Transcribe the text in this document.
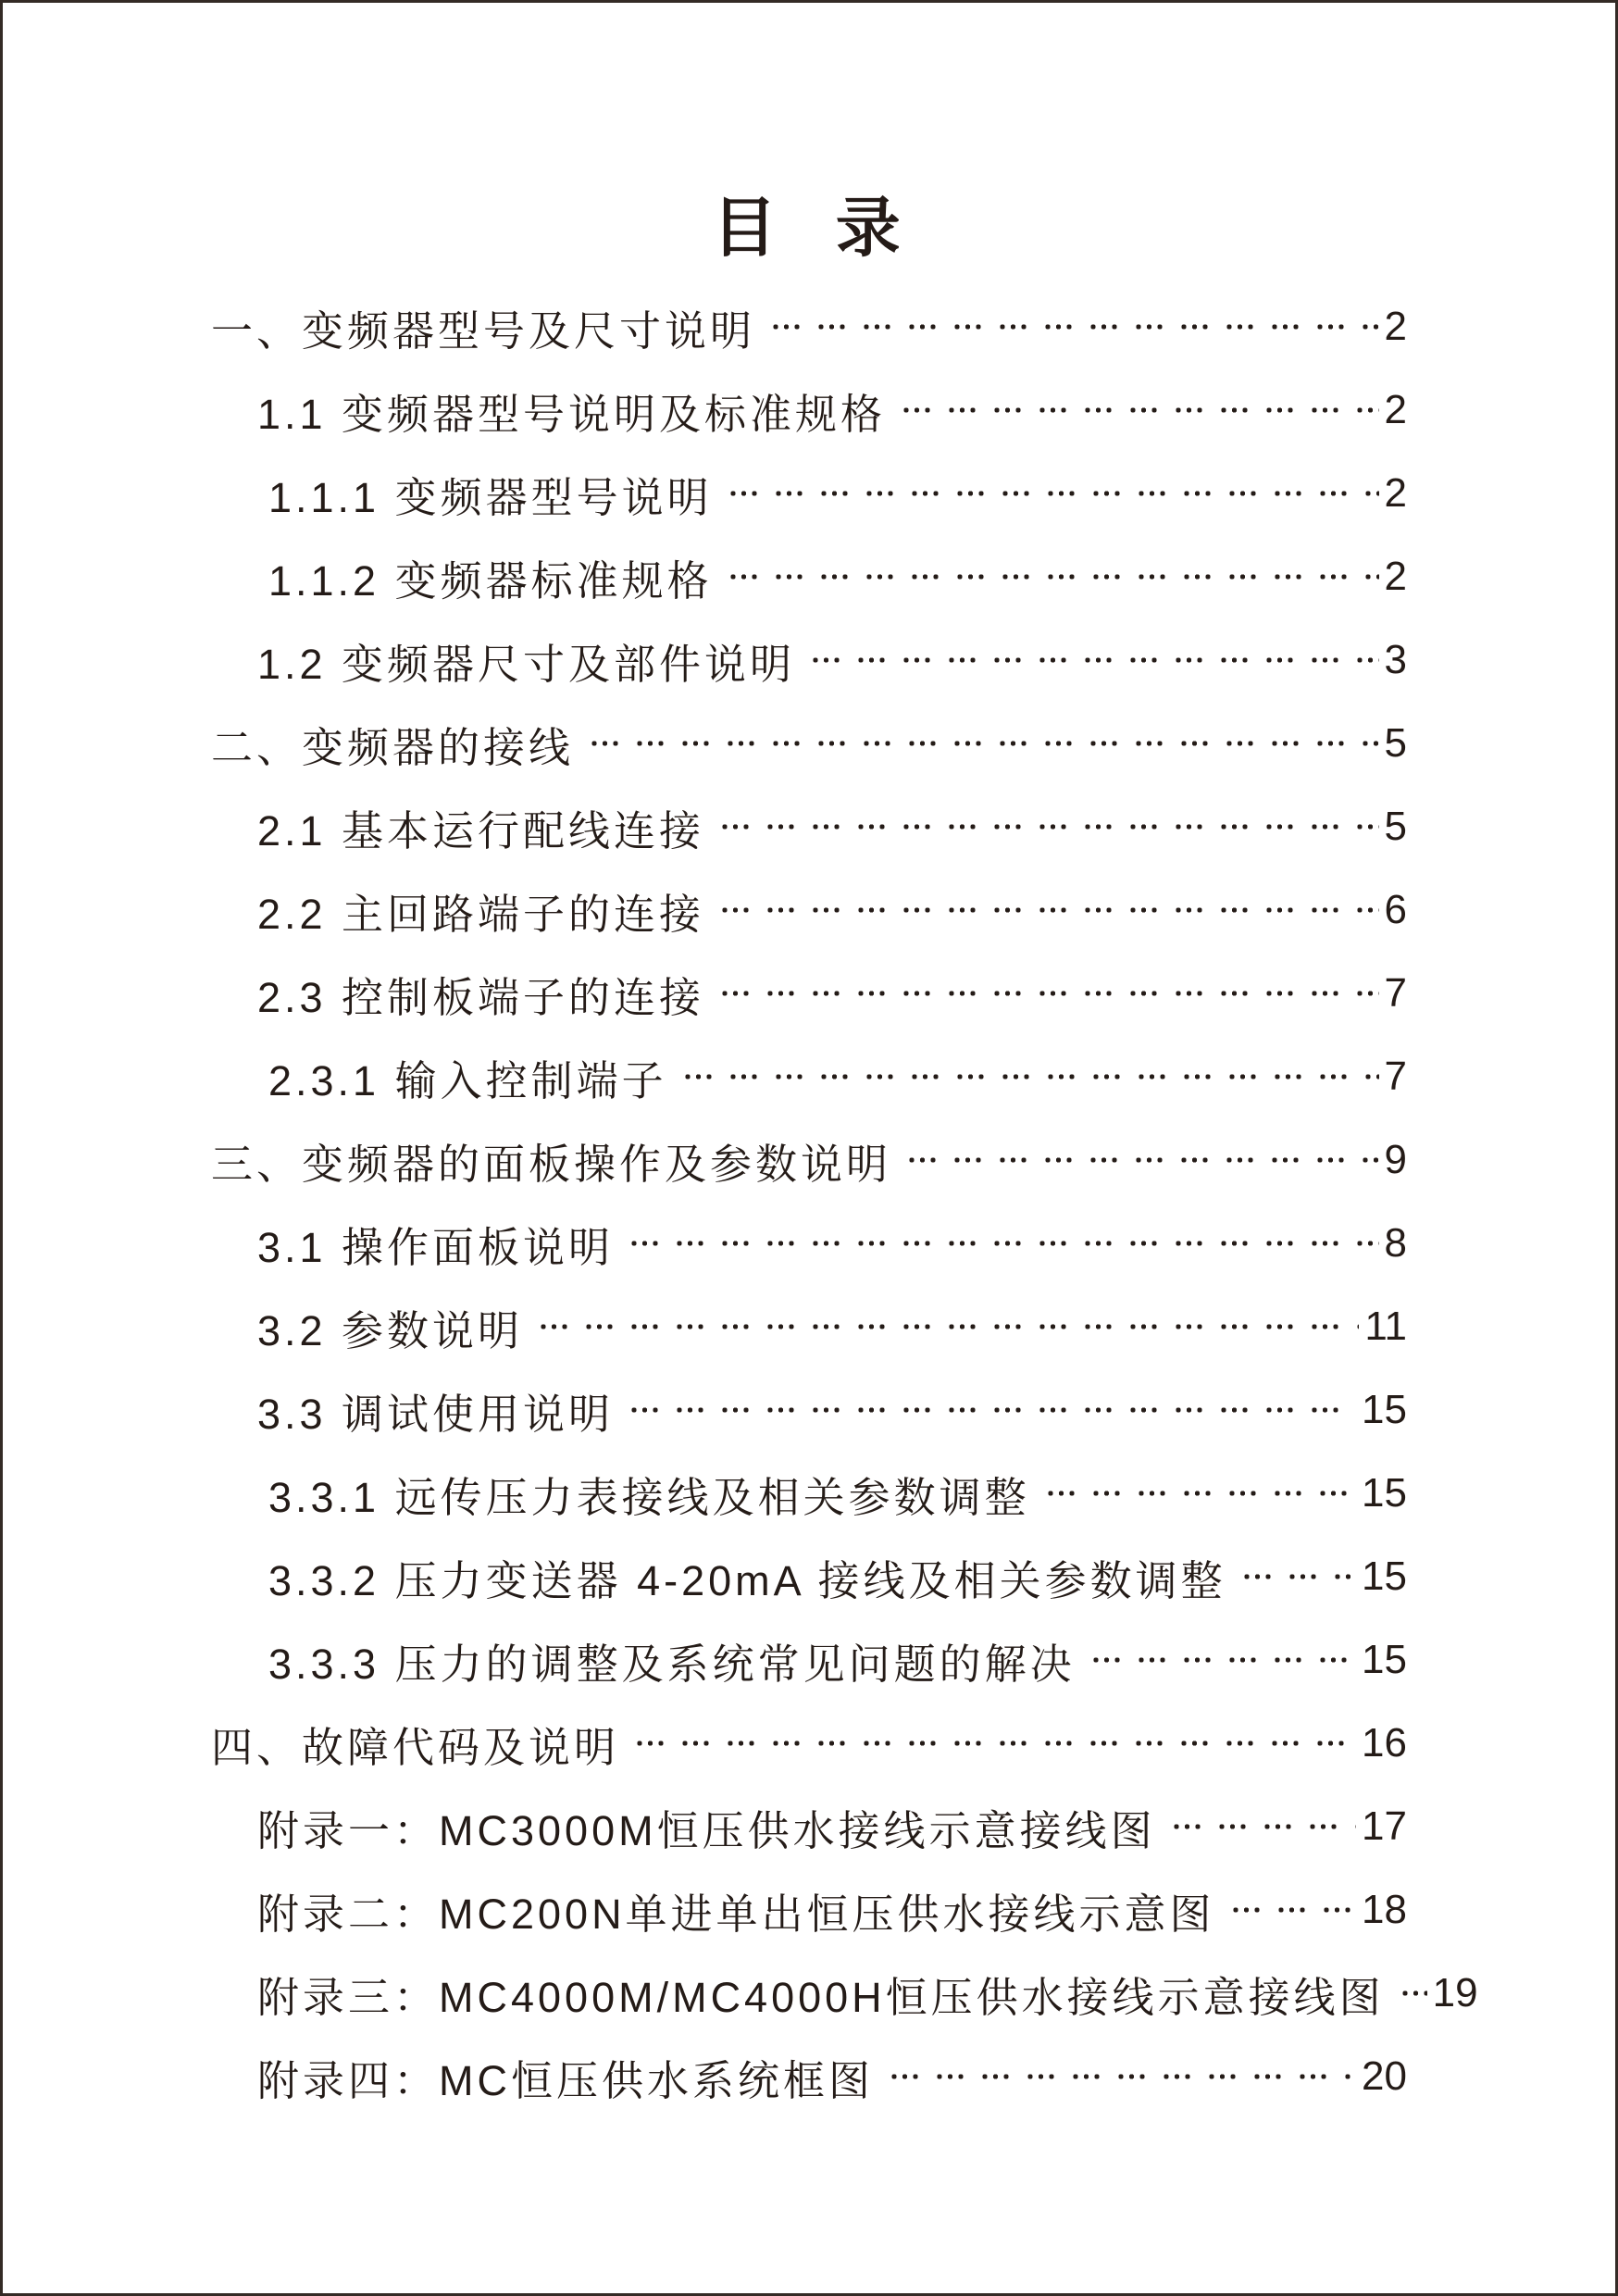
目 录
一、变频器型号及尺寸说明	2
1.1 变频器型号说明及标准规格	2
1.1.1 变频器型号说明	2
1.1.2 变频器标准规格	2
1.2 变频器尺寸及部件说明	3
二、变频器的接线	5
2.1 基本运行配线连接	5
2.2 主回路端子的连接	6
2.3 控制板端子的连接	7
2.3.1 输入控制端子	7
三、变频器的面板操作及参数说明	9
3.1 操作面板说明	8
3.2 参数说明	11
3.3 调试使用说明	15
3.3.1 远传压力表接线及相关参数调整	15
3.3.2 压力变送器 4-20mA 接线及相关参数调整	15
3.3.3 压力的调整及系统常见问题的解决	15
四、故障代码及说明	16
附录一：MC3000M恒压供水接线示意接线图	17
附录二：MC200N单进单出恒压供水接线示意图	18
附录三：MC4000M/MC4000H恒压供水接线示意接线图 19
附录四：MC恒压供水系统框图	20
